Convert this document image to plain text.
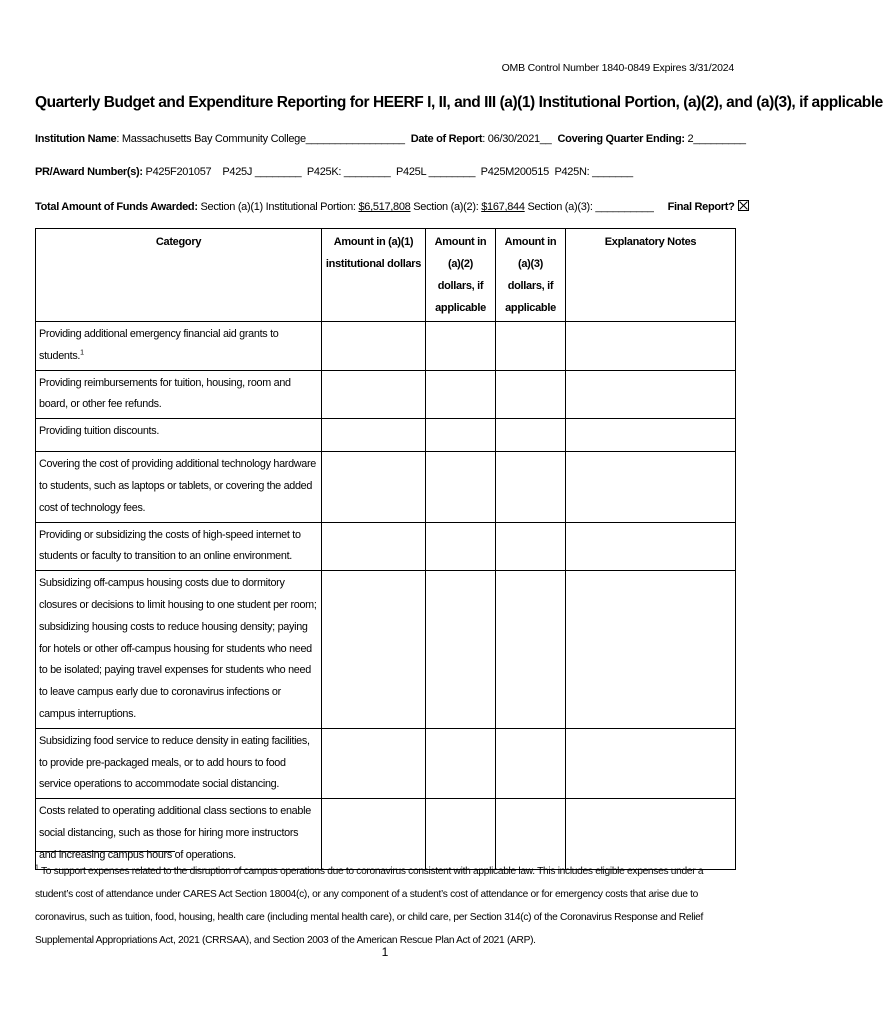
OMB Control Number 1840-0849 Expires 3/31/2024
Quarterly Budget and Expenditure Reporting for HEERF I, II, and III (a)(1) Institutional Portion, (a)(2), and (a)(3), if applicable
Institution Name: Massachusetts Bay Community College_________________ Date of Report: 06/30/2021__ Covering Quarter Ending: 2_________
PR/Award Number(s): P425F201057    P425J ________  P425K: ________  P425L ________  P425M200515  P425N: _______
Total Amount of Funds Awarded: Section (a)(1) Institutional Portion: $6,517,808 Section (a)(2): $167,844 Section (a)(3): __________ Final Report?
Category	Amount in (a)(1) institutional dollars	Amount in (a)(2) dollars, if applicable	Amount in (a)(3) dollars, if applicable	Explanatory Notes
Providing additional emergency financial aid grants to students.$^1$				
Providing reimbursements for tuition, housing, room and board, or other fee refunds.				
Providing tuition discounts.				
Covering the cost of providing additional technology hardware to students, such as laptops or tablets, or covering the added cost of technology fees.				
Providing or subsidizing the costs of high-speed internet to students or faculty to transition to an online environment.				
Subsidizing off-campus housing costs due to dormitory closures or decisions to limit housing to one student per room; subsidizing housing costs to reduce housing density; paying for hotels or other off-campus housing for students who need to be isolated; paying travel expenses for students who need to leave campus early due to coronavirus infections or campus interruptions.				
Subsidizing food service to reduce density in eating facilities, to provide pre-packaged meals, or to add hours to food service operations to accommodate social distancing.				
Costs related to operating additional class sections to enable social distancing, such as those for hiring more instructors and increasing campus hours of operations.				
$^1$ To support expenses related to the disruption of campus operations due to coronavirus consistent with applicable law. This includes eligible expenses under a student’s cost of attendance under CARES Act Section 18004(c), or any component of a student’s cost of attendance or for emergency costs that arise due to coronavirus, such as tuition, food, housing, health care (including mental health care), or child care, per Section 314(c) of the Coronavirus Response and Relief Supplemental Appropriations Act, 2021 (CRRSAA), and Section 2003 of the American Rescue Plan Act of 2021 (ARP).
1
